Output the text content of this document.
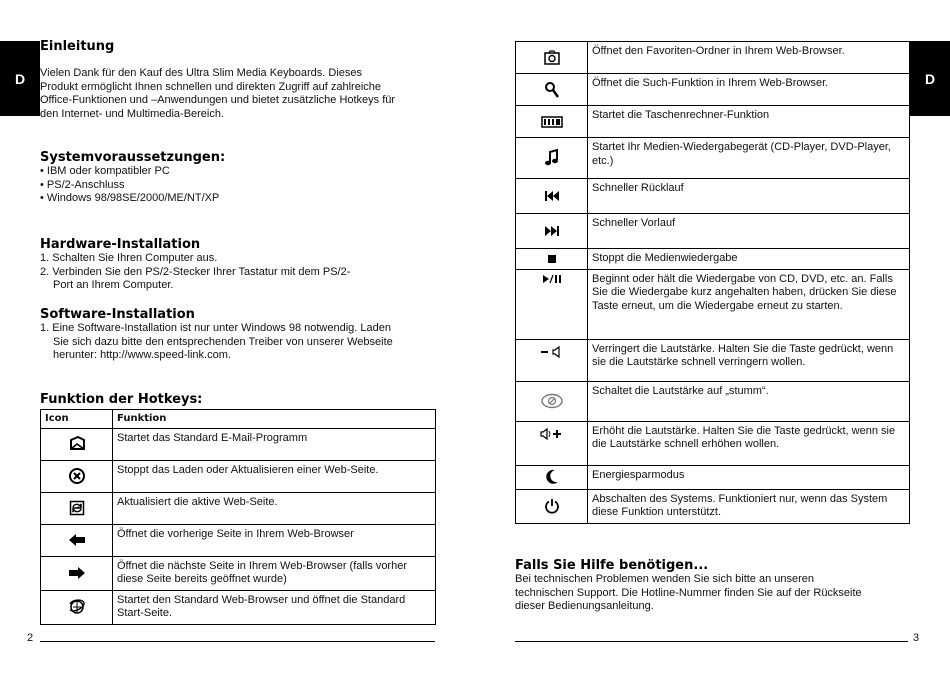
D	D
Einleitung

Vielen Dank für den Kauf des Ultra Slim Media Keyboards. Dieses

Produkt ermöglicht Ihnen schnellen und direkten Zugriff auf zahlreiche

Office-Funktionen und –Anwendungen und bietet zusätzliche Hotkeys für

den Internet- und Multimedia-Bereich.

Systemvoraussetzungen:
• IBM oder kompatibler PC
• PS/2-Anschluss
• Windows 98/98SE/2000/ME/NT/XP
Hardware-Installation
1. Schalten Sie Ihren Computer aus.
2. Verbinden Sie den PS/2-Stecker Ihrer Tastatur mit dem PS/2-
Port an Ihrem Computer.
Software-Installation
1. Eine Software-Installation ist nur unter Windows 98 notwendig. Laden
Sie sich dazu bitte den entsprechenden Treiber von unserer Webseite
herunter: http://www.speed-link.com.
Funktion der Hotkeys:
Icon	Funktion

	Startet das Standard E-Mail-Programm

	Stoppt das Laden oder Aktualisieren einer Web-Seite.

	Aktualisiert die aktive Web-Seite.

	Öffnet die vorherige Seite in Ihrem Web-Browser

	Öffnet die nächste Seite in Ihrem Web-Browser (falls vorher diese Seite bereits geöffnet wurde)

	Startet den Standard Web-Browser und öffnet die Standard Start-Seite.
2
	Öffnet den Favoriten-Ordner in Ihrem Web-Browser.

	Öffnet die Such-Funktion in Ihrem Web-Browser.

	Startet die Taschenrechner-Funktion

	Startet Ihr Medien-Wiedergabegerät (CD-Player, DVD-Player, etc.)

	Schneller Rücklauf

	Schneller Vorlauf

	Stoppt die Medienwiedergabe

	Beginnt oder hält die Wiedergabe von CD, DVD, etc. an. Falls Sie die Wiedergabe kurz angehalten haben, drücken Sie diese Taste erneut, um die Wiedergabe erneut zu starten.

	Verringert die Lautstärke. Halten Sie die Taste gedrückt, wenn sie die Lautstärke schnell verringern wollen.

	Schaltet die Lautstärke auf „stumm“.

	Erhöht die Lautstärke. Halten Sie die Taste gedrückt, wenn sie die Lautstärke schnell erhöhen wollen.

	Energiesparmodus

	Abschalten des Systems. Funktioniert nur, wenn das System diese Funktion unterstützt.
Falls Sie Hilfe benötigen...

Bei technischen Problemen wenden Sie sich bitte an unseren

technischen Support. Die Hotline-Nummer finden Sie auf der Rückseite

dieser Bedienungsanleitung.

3
